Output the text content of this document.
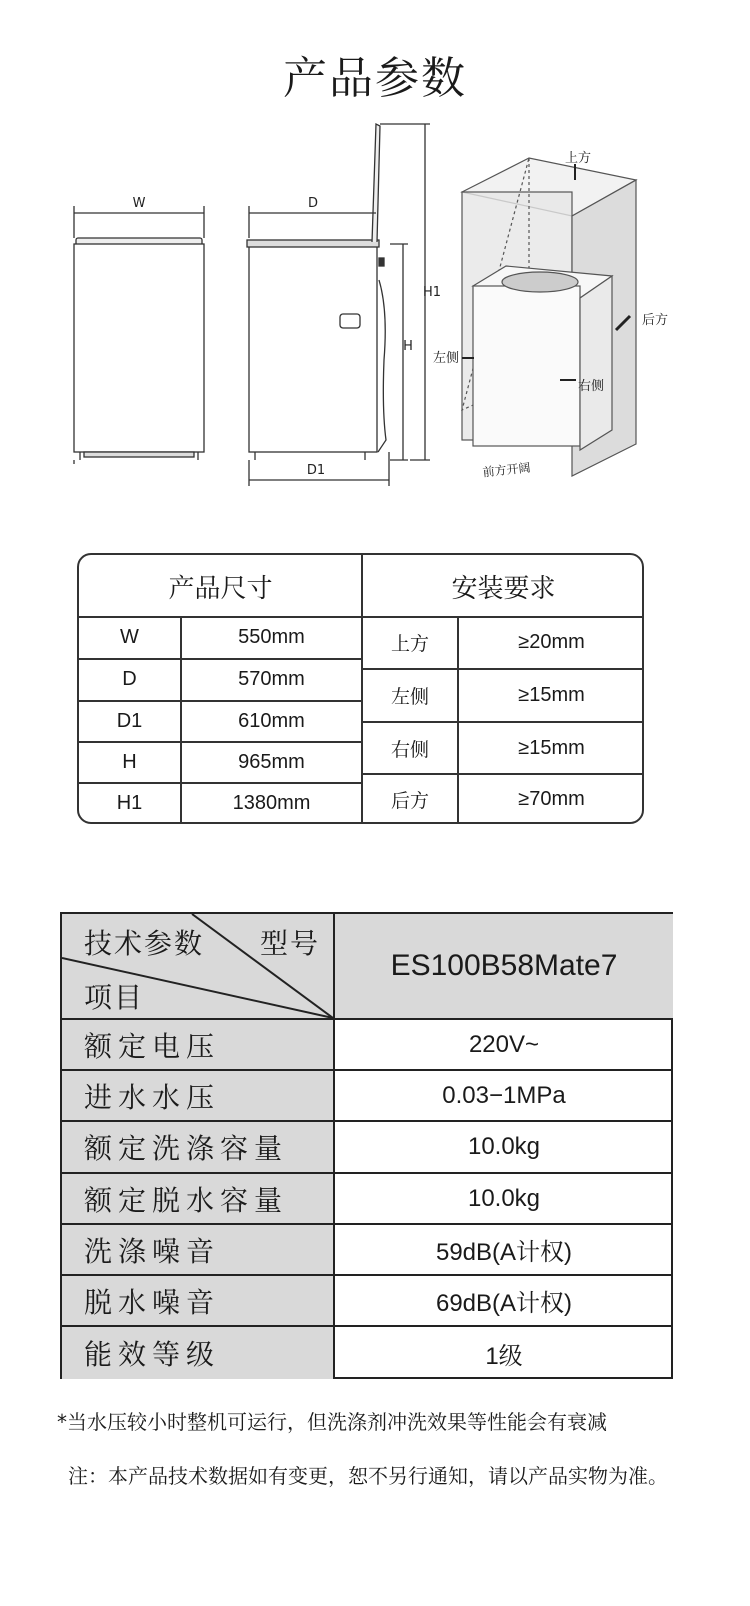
产品参数
W	D
D1
H
H1
上方
后方
左侧
右侧
前方开阔
产品尺寸	安装要求
W	550mm
D	570mm
D1	610mm
H	965mm
H1	1380mm
上方	≥20mm
左侧	≥15mm
右侧	≥15mm
后方	≥70mm
技术参数 型号
项目
ES100B58Mate7
额定电压	220V~
进水水压	0.03−1MPa
额定洗涤容量	10.0kg
额定脱水容量	10.0kg
洗涤噪音	59dB(A计权)
脱水噪音	69dB(A计权)
能效等级	1级
*当水压较小时整机可运行，但洗涤剂冲洗效果等性能会有衰减
注：本产品技术数据如有变更，恕不另行通知，请以产品实物为准。
